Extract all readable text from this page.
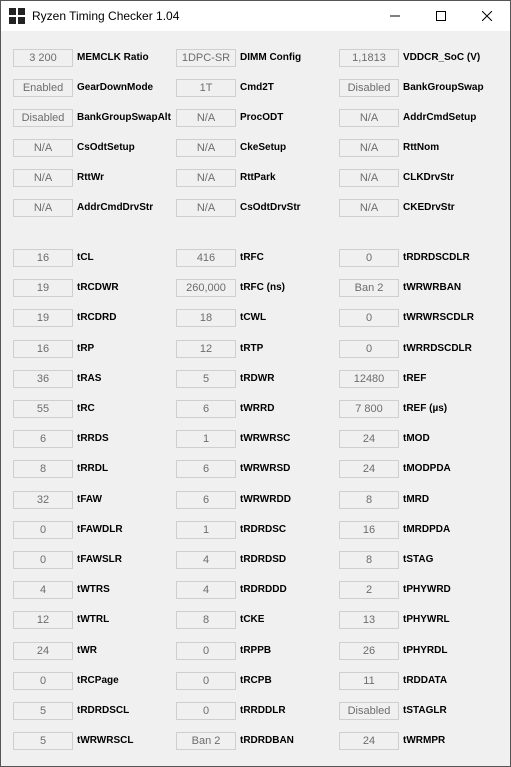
Ryzen Timing Checker 1.04
3 200	MEMCLK Ratio	1DPC-SR DIMM Config	1,1813	VDDCR_SoC (V)
Enabled	GearDownMode	1T	Cmd2T	Disabled	BankGroupSwap
Disabled	BankGroupSwapAlt	N/A	ProcODT	N/A	AddrCmdSetup
N/A	CsOdtSetup	N/A	CkeSetup	N/A	RttNom
N/A	RttWr	N/A	RttPark	N/A	CLKDrvStr
N/A	AddrCmdDrvStr	N/A	CsOdtDrvStr	N/A	CKEDrvStr
16	tCL	416	tRFC	0	tRDRDSCDLR
19	tRCDWR	260,000	tRFC (ns)	Ban 2	tWRWRBAN
19	tRCDRD	18	tCWL	0	tWRWRSCDLR
16	tRP	12	tRTP	0	tWRRDSCDLR
36	tRAS	5	tRDWR	12480	tREF
55	tRC	6	tWRRD	7 800	tREF (µs)
6	tRRDS	1	tWRWRSC	24	tMOD
8	tRRDL	6	tWRWRSD	24	tMODPDA
32	tFAW	6	tWRWRDD	8	tMRD
0	tFAWDLR	1	tRDRDSC	16	tMRDPDA
0	tFAWSLR	4	tRDRDSD	8	tSTAG
4	tWTRS	4	tRDRDDD	2	tPHYWRD
12	tWTRL	8	tCKE	13	tPHYWRL
24	tWR	0	tRPPB	26	tPHYRDL
0	tRCPage	0	tRCPB	11	tRDDATA
5	tRDRDSCL	0	tRRDDLR	Disabled	tSTAGLR
5	tWRWRSCL	Ban 2	tRDRDBAN	24	tWRMPR
